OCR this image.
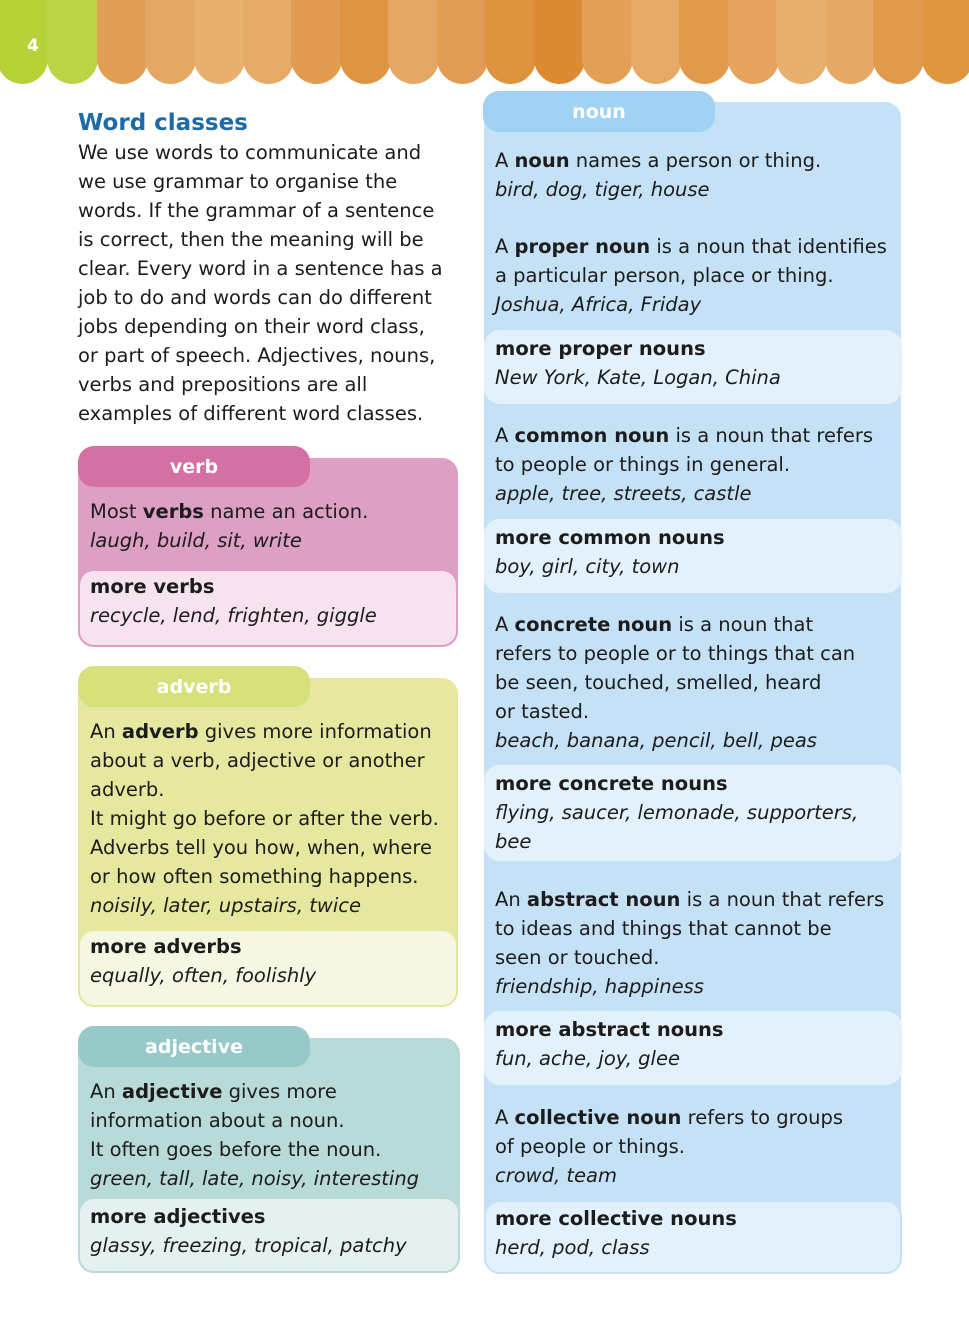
4
Word classes

We use words to communicate and
we use grammar to organise the
words. If the grammar of a sentence
is correct, then the meaning will be
clear. Every word in a sentence has a
job to do and words can do different
jobs depending on their word class,
or part of speech. Adjectives, nouns,
verbs and prepositions are all
examples of different word classes.

verb
Most verbs name an action.
laugh, build, sit, write
more verbs
recycle, lend, frighten, giggle
adverb
An adverb gives more information
about a verb, adjective or another
adverb.
It might go before or after the verb.
Adverbs tell you how, when, where
or how often something happens.
noisily, later, upstairs, twice
more adverbs
equally, often, foolishly
adjective
An adjective gives more
information about a noun.
It often goes before the noun.
green, tall, late, noisy, interesting
more adjectives
glassy, freezing, tropical, patchy
noun
A noun names a person or thing.
bird, dog, tiger, house
A proper noun is a noun that identifies
a particular person, place or thing.
Joshua, Africa, Friday
more proper nouns
New York, Kate, Logan, China
A common noun is a noun that refers
to people or things in general.
apple, tree, streets, castle
more common nouns
boy, girl, city, town
A concrete noun is a noun that
refers to people or to things that can
be seen, touched, smelled, heard
or tasted.
beach, banana, pencil, bell, peas
more concrete nouns
flying, saucer, lemonade, supporters,
bee
An abstract noun is a noun that refers
to ideas and things that cannot be
seen or touched.
friendship, happiness
more abstract nouns
fun, ache, joy, glee
A collective noun refers to groups
of people or things.
crowd, team
more collective nouns
herd, pod, class
